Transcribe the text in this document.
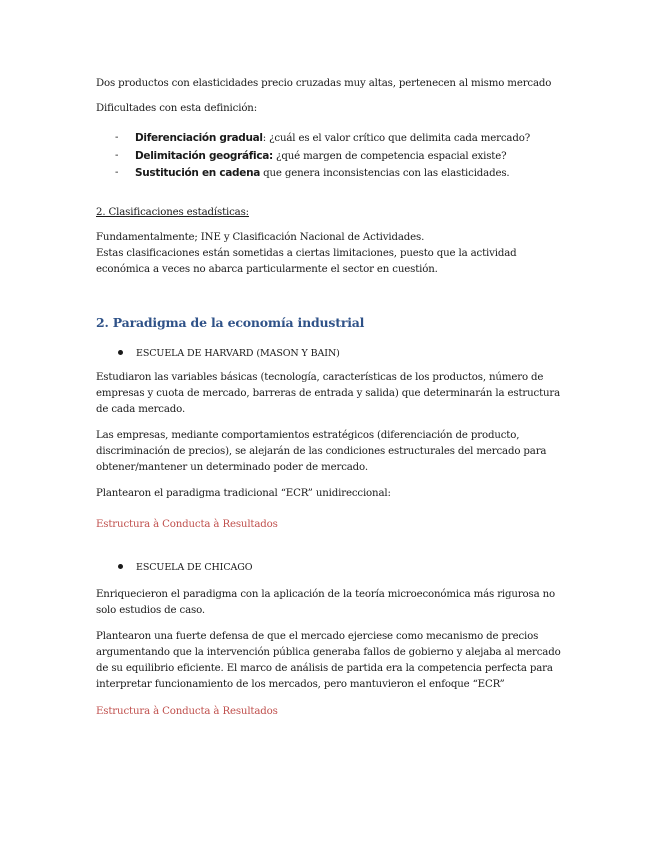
Dos productos con elasticidades precio cruzadas muy altas, pertenecen al mismo mercado

Dificultades con esta definición:

- Diferenciación gradual: ¿cuál es el valor crítico que delimita cada mercado?
- Delimitación geográfica: ¿qué margen de competencia espacial existe?
- Sustitución en cadena que genera inconsistencias con las elasticidades.

2. Clasificaciones estadísticas:

Fundamentalmente; INE y Clasificación Nacional de Actividades.

Estas clasificaciones están sometidas a ciertas limitaciones, puesto que la actividad

económica a veces no abarca particularmente el sector en cuestión.

2. Paradigma de la economía industrial
ESCUELA DE HARVARD (MASON Y BAIN)

Estudiaron las variables básicas (tecnología, características de los productos, número de

empresas y cuota de mercado, barreras de entrada y salida) que determinarán la estructura

de cada mercado.

Las empresas, mediante comportamientos estratégicos (diferenciación de producto,

discriminación de precios), se alejarán de las condiciones estructurales del mercado para

obtener/mantener un determinado poder de mercado.

Plantearon el paradigma tradicional “ECR” unidireccional:

Estructura à Conducta à Resultados

ESCUELA DE CHICAGO

Enriquecieron el paradigma con la aplicación de la teoría microeconómica más rigurosa no

solo estudios de caso.

Plantearon una fuerte defensa de que el mercado ejerciese como mecanismo de precios

argumentando que la intervención pública generaba fallos de gobierno y alejaba al mercado

de su equilibrio eficiente. El marco de análisis de partida era la competencia perfecta para

interpretar funcionamiento de los mercados, pero mantuvieron el enfoque “ECR”

Estructura à Conducta à Resultados
